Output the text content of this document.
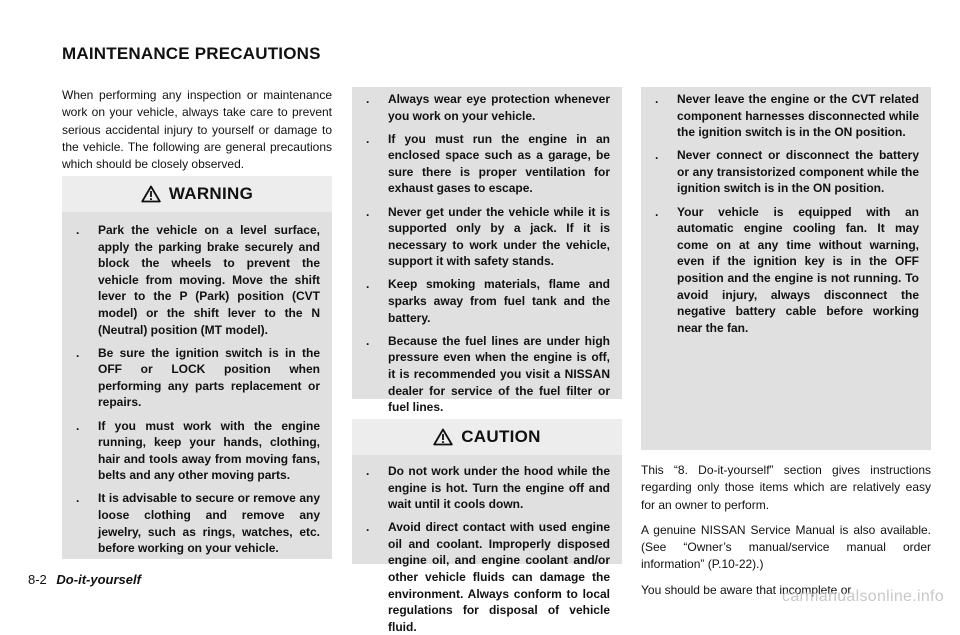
MAINTENANCE PRECAUTIONS

When performing any inspection or maintenance work on your vehicle, always take care to prevent serious accidental injury to yourself or damage to the vehicle. The following are general precautions which should be closely observed.

WARNING
. Park the vehicle on a level surface, apply the parking brake securely and block the wheels to prevent the vehicle from moving. Move the shift lever to the P (Park) position (CVT model) or the shift lever to the N (Neutral) position (MT model).
. Be sure the ignition switch is in the OFF or LOCK position when performing any parts replacement or repairs.
. If you must work with the engine running, keep your hands, clothing, hair and tools away from moving fans, belts and any other moving parts.
. It is advisable to secure or remove any loose clothing and remove any jewelry, such as rings, watches, etc. before working on your vehicle.
. Always wear eye protection whenever you work on your vehicle.
. If you must run the engine in an enclosed space such as a garage, be sure there is proper ventilation for exhaust gases to escape.
. Never get under the vehicle while it is supported only by a jack. If it is necessary to work under the vehicle, support it with safety stands.
. Keep smoking materials, flame and sparks away from fuel tank and the battery.
. Because the fuel lines are under high pressure even when the engine is off, it is recommended you visit a NISSAN dealer for service of the fuel filter or fuel lines.
CAUTION
. Do not work under the hood while the engine is hot. Turn the engine off and wait until it cools down.
. Avoid direct contact with used engine oil and coolant. Improperly disposed engine oil, and engine coolant and/or other vehicle fluids can damage the environment. Always conform to local regulations for disposal of vehicle fluid.
. Never leave the engine or the CVT related component harnesses disconnected while the ignition switch is in the ON position.
. Never connect or disconnect the battery or any transistorized component while the ignition switch is in the ON position.
. Your vehicle is equipped with an automatic engine cooling fan. It may come on at any time without warning, even if the ignition key is in the OFF position and the engine is not running. To avoid injury, always disconnect the negative battery cable before working near the fan.

This “8. Do-it-yourself” section gives instructions regarding only those items which are relatively easy for an owner to perform.

A genuine NISSAN Service Manual is also available. (See “Owner’s manual/service manual order information” (P.10-22).)

You should be aware that incomplete or

8-2 Do-it-yourself
carmanualsonline.info
